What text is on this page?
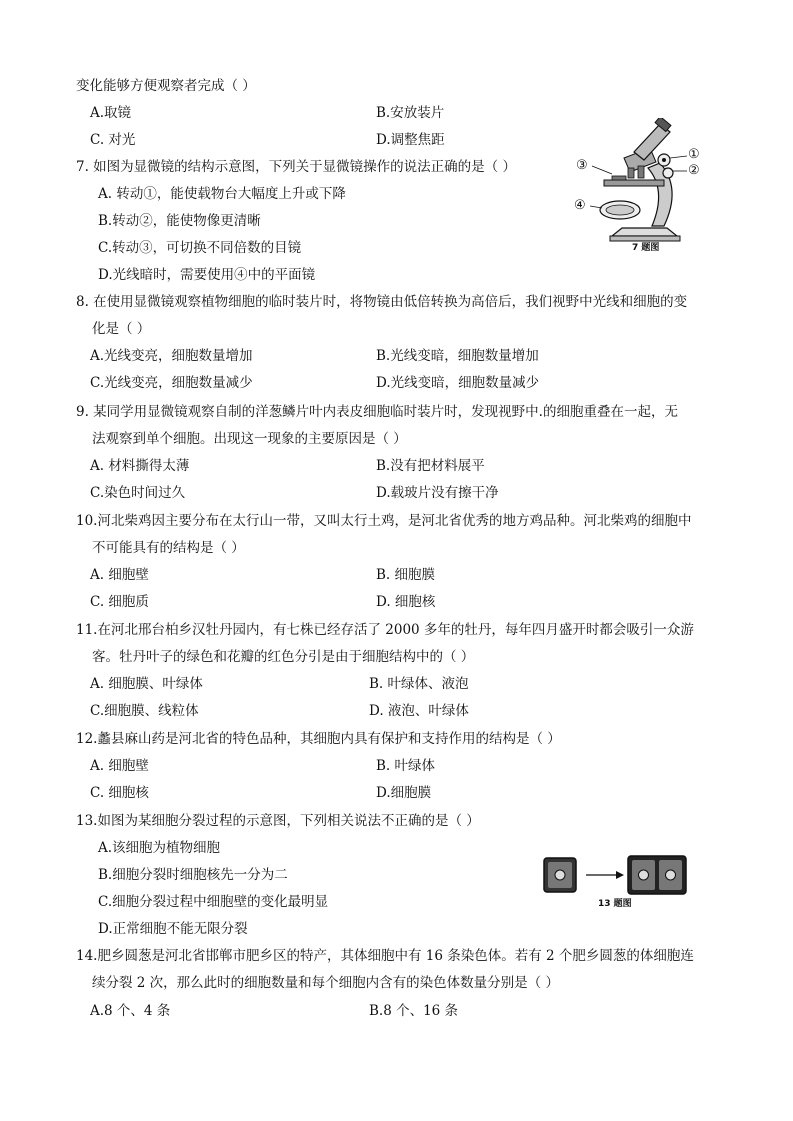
变化能够方便观察者完成（ ）
A.取镜	B.安放装片
C. 对光	D.调整焦距
7. 如图为显微镜的结构示意图，下列关于显微镜操作的说法正确的是（ ）
A. 转动①，能使载物台大幅度上升或下降
B.转动②，能使物像更清晰
C.转动③，可切换不同倍数的目镜
D.光线暗时，需要使用④中的平面镜
①
②
③
④
7 题图
8. 在使用显微镜观察植物细胞的临时装片时，将物镜由低倍转换为高倍后，我们视野中光线和细胞的变
化是（ ）
A.光线变亮，细胞数量增加	B.光线变暗，细胞数量增加
C.光线变亮，细胞数量减少	D.光线变暗，细胞数量减少
9. 某同学用显微镜观察自制的洋葱鳞片叶内表皮细胞临时装片时，发现视野中.的细胞重叠在一起，无
法观察到单个细胞。出现这一现象的主要原因是（ ）
A. 材料撕得太薄	B.没有把材料展平
C.染色时间过久	D.载玻片没有擦干净
10.河北柴鸡因主要分布在太行山一带，又叫太行土鸡，是河北省优秀的地方鸡品种。河北柴鸡的细胞中
不可能具有的结构是（ ）
A. 细胞壁	B. 细胞膜
C. 细胞质	D. 细胞核
11.在河北邢台柏乡汉牡丹园内，有七株已经存活了 2000 多年的牡丹，每年四月盛开时都会吸引一众游
客。牡丹叶子的绿色和花瓣的红色分引是由于细胞结构中的（ ）
A. 细胞膜、叶绿体	B. 叶绿体、液泡
C.细胞膜、线粒体	D. 液泡、叶绿体
12.蠡县麻山药是河北省的特色品种，其细胞内具有保护和支持作用的结构是（ ）
A. 细胞壁	B. 叶绿体
C. 细胞核	D.细胞膜
13.如图为某细胞分裂过程的示意图，下列相关说法不正确的是（ ）
A.该细胞为植物细胞
B.细胞分裂时细胞核先一分为二
C.细胞分裂过程中细胞壁的变化最明显
D.正常细胞不能无限分裂
13 题图
14.肥乡圆葱是河北省邯郸市肥乡区的特产，其体细胞中有 16 条染色体。若有 2 个肥乡圆葱的体细胞连
续分裂 2 次，那么此时的细胞数量和每个细胞内含有的染色体数量分别是（ ）
A.8 个、4 条	B.8 个、16 条
